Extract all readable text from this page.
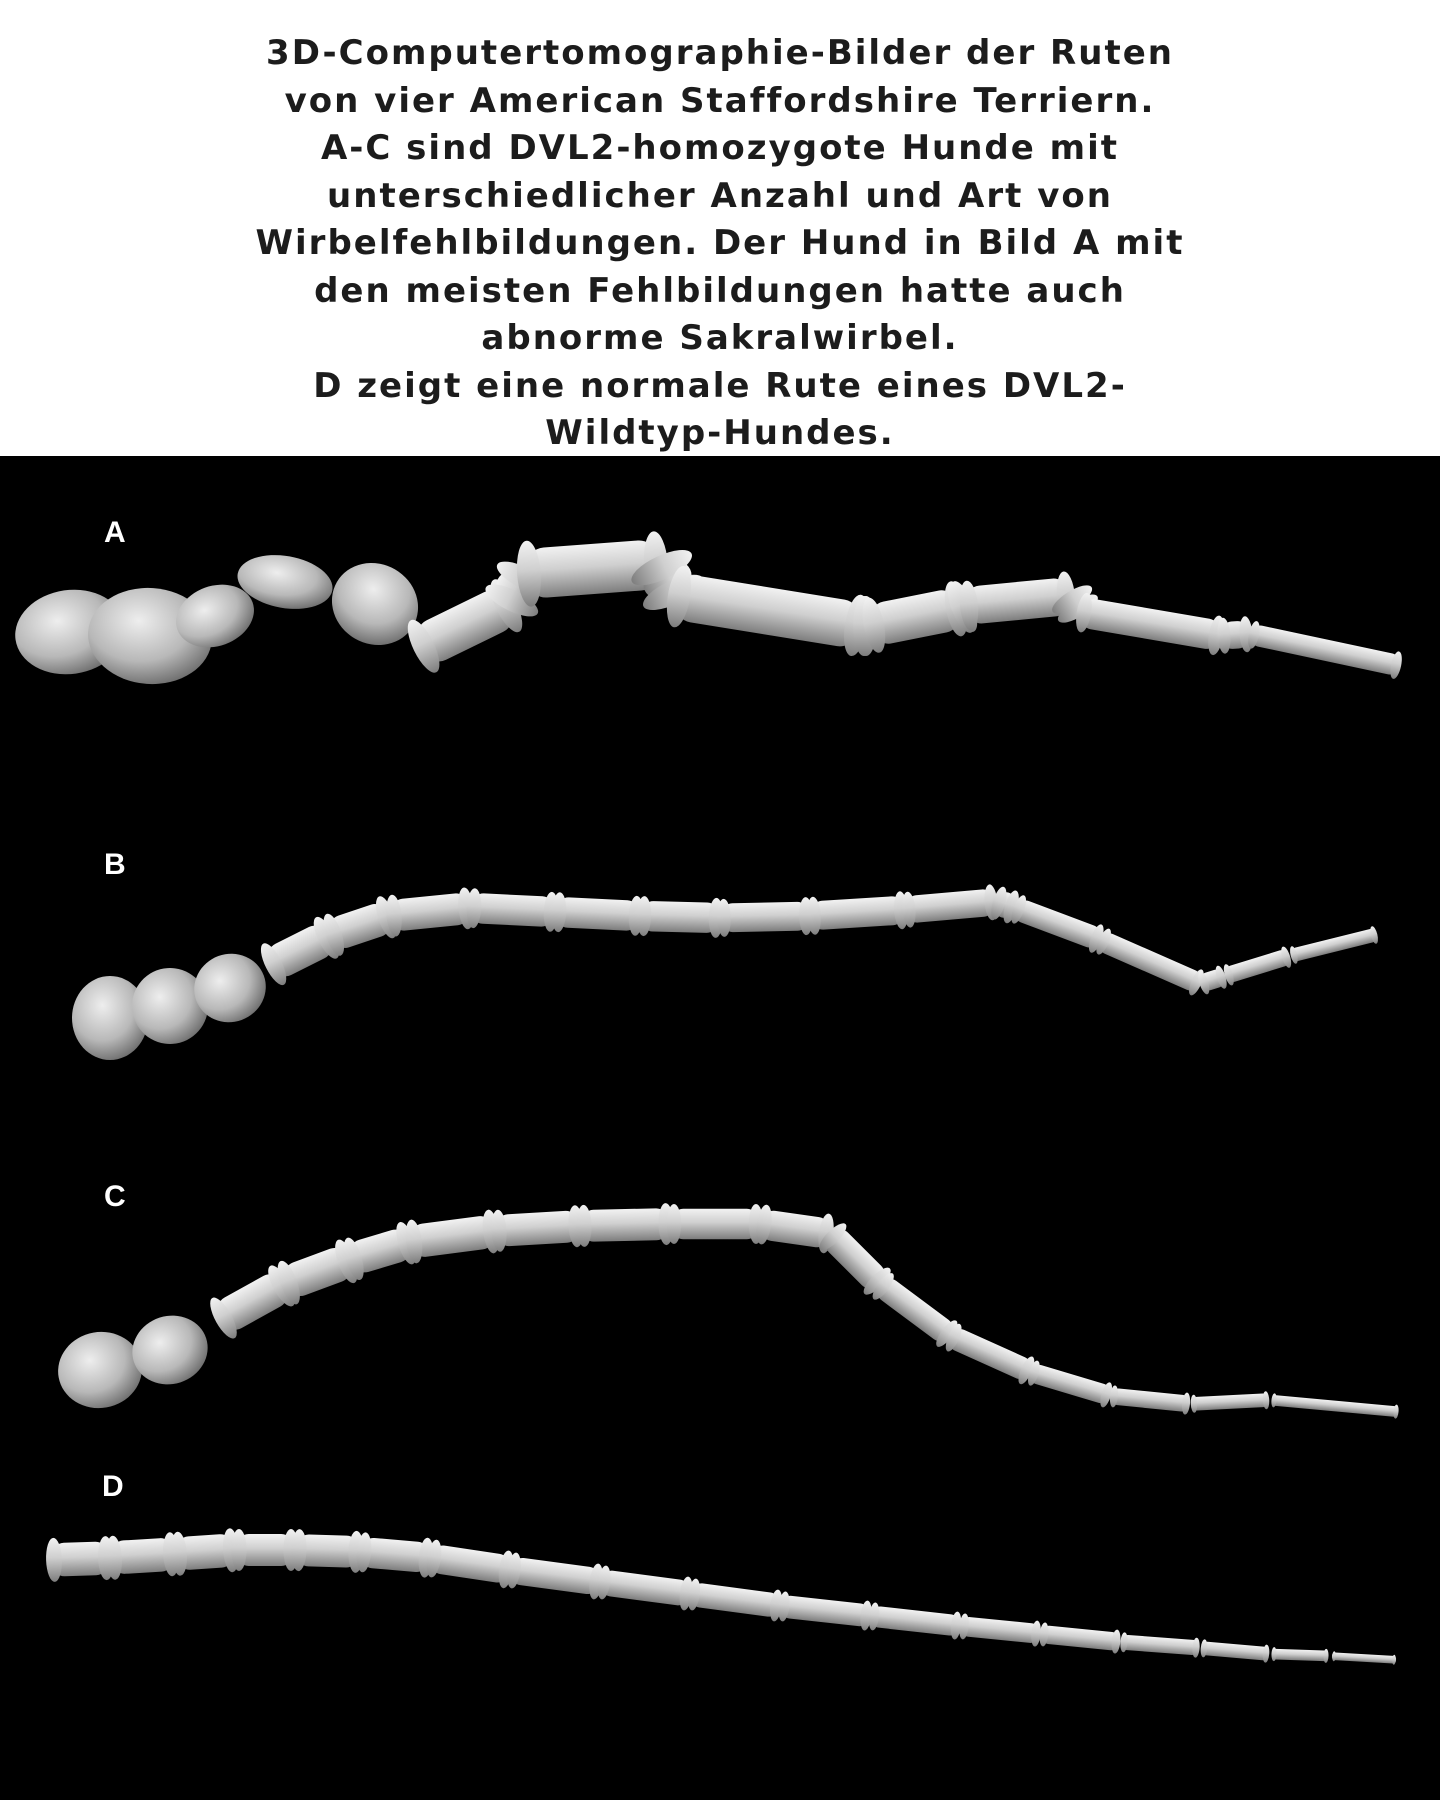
3D-Computertomographie-Bilder der Ruten
von vier American Staffordshire Terriern.
A-C sind DVL2-homozygote Hunde mit
unterschiedlicher Anzahl und Art von
Wirbelfehlbildungen. Der Hund in Bild A mit
den meisten Fehlbildungen hatte auch
abnorme Sakralwirbel.
D zeigt eine normale Rute eines DVL2-
Wildtyp-Hundes.

A
B
C
D
